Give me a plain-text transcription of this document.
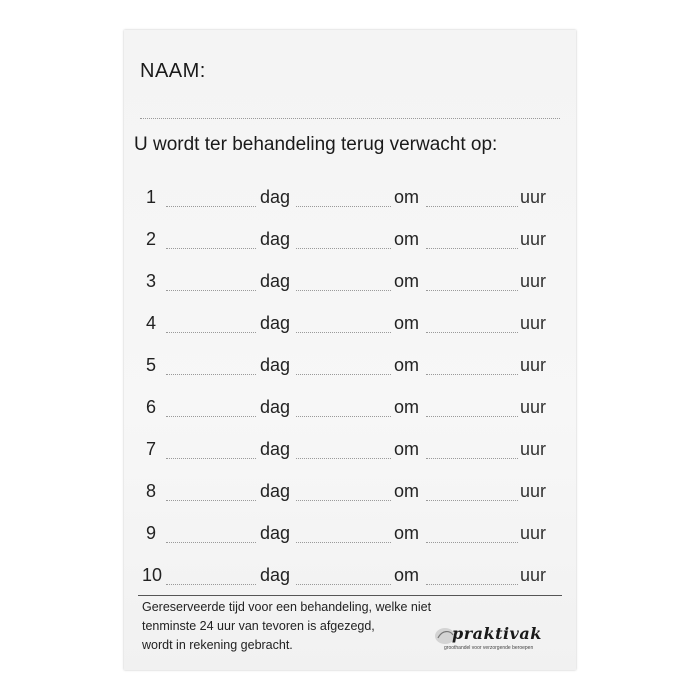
NAAM:
U wordt ter behandeling terug verwacht op:
1	dag	om	uur
2	dag	om	uur
3	dag	om	uur
4	dag	om	uur
5	dag	om	uur
6	dag	om	uur
7	dag	om	uur
8	dag	om	uur
9	dag	om	uur
10	dag	om	uur
Gereserveerde tijd voor een behandeling, welke niet
tenminste 24 uur van tevoren is afgezegd,
wordt in rekening gebracht.
praktivak
groothandel voor verzorgende beroepen
